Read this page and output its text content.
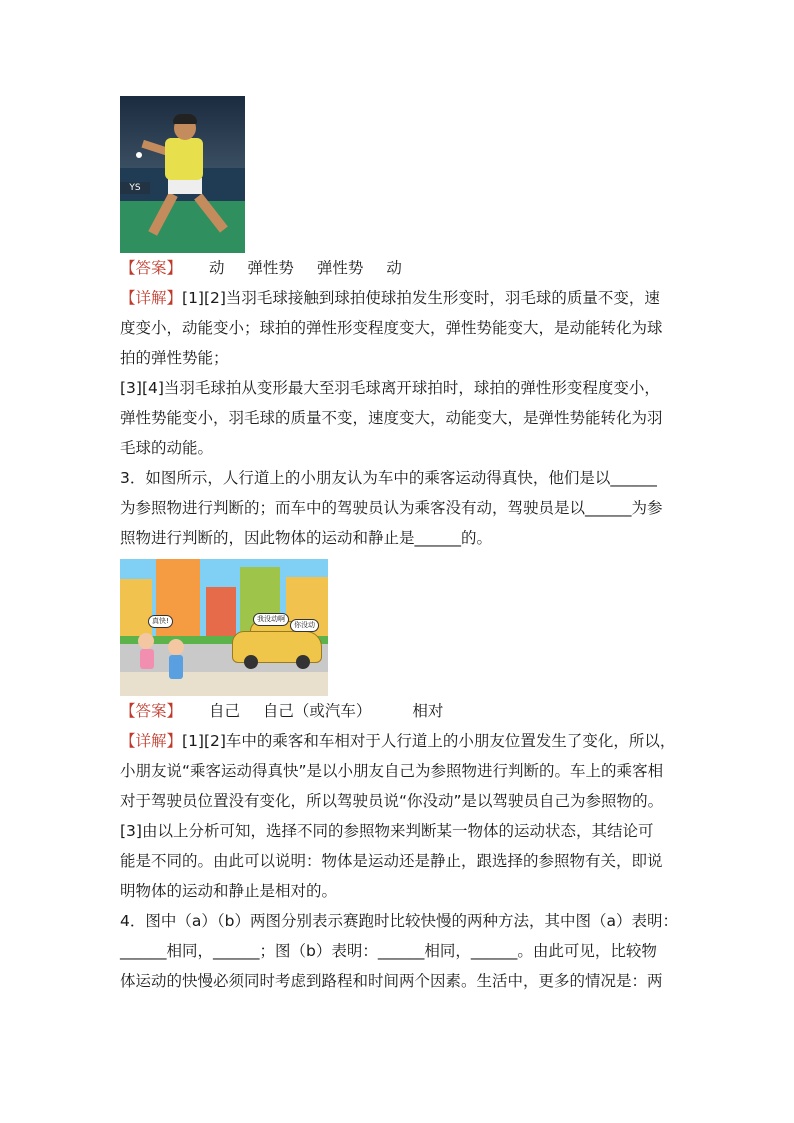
YS
【答案】 动 弹性势 弹性势 动
【详解】[1][2]当羽毛球接触到球拍使球拍发生形变时，羽毛球的质量不变，速
度变小，动能变小；球拍的弹性形变程度变大，弹性势能变大，是动能转化为球
拍的弹性势能；
[3][4]当羽毛球拍从变形最大至羽毛球离开球拍时，球拍的弹性形变程度变小，
弹性势能变小，羽毛球的质量不变，速度变大，动能变大，是弹性势能转化为羽
毛球的动能。
3．如图所示，人行道上的小朋友认为车中的乘客运动得真快，他们是以______
为参照物进行判断的；而车中的驾驶员认为乘客没有动，驾驶员是以______为参
照物进行判断的，因此物体的运动和静止是______的。
真快!	我没动啊
你没动
【答案】 自己 自己（或汽车）	相对
【详解】[1][2]车中的乘客和车相对于人行道上的小朋友位置发生了变化，所以，
小朋友说“乘客运动得真快”是以小朋友自己为参照物进行判断的。车上的乘客相
对于驾驶员位置没有变化，所以驾驶员说“你没动”是以驾驶员自己为参照物的。
[3]由以上分析可知，选择不同的参照物来判断某一物体的运动状态，其结论可
能是不同的。由此可以说明：物体是运动还是静止，跟选择的参照物有关，即说
明物体的运动和静止是相对的。
4．图中（a）（b）两图分别表示赛跑时比较快慢的两种方法，其中图（a）表明：
______相同，______；图（b）表明：______相同，______。由此可见，比较物
体运动的快慢必须同时考虑到路程和时间两个因素。生活中，更多的情况是：两
